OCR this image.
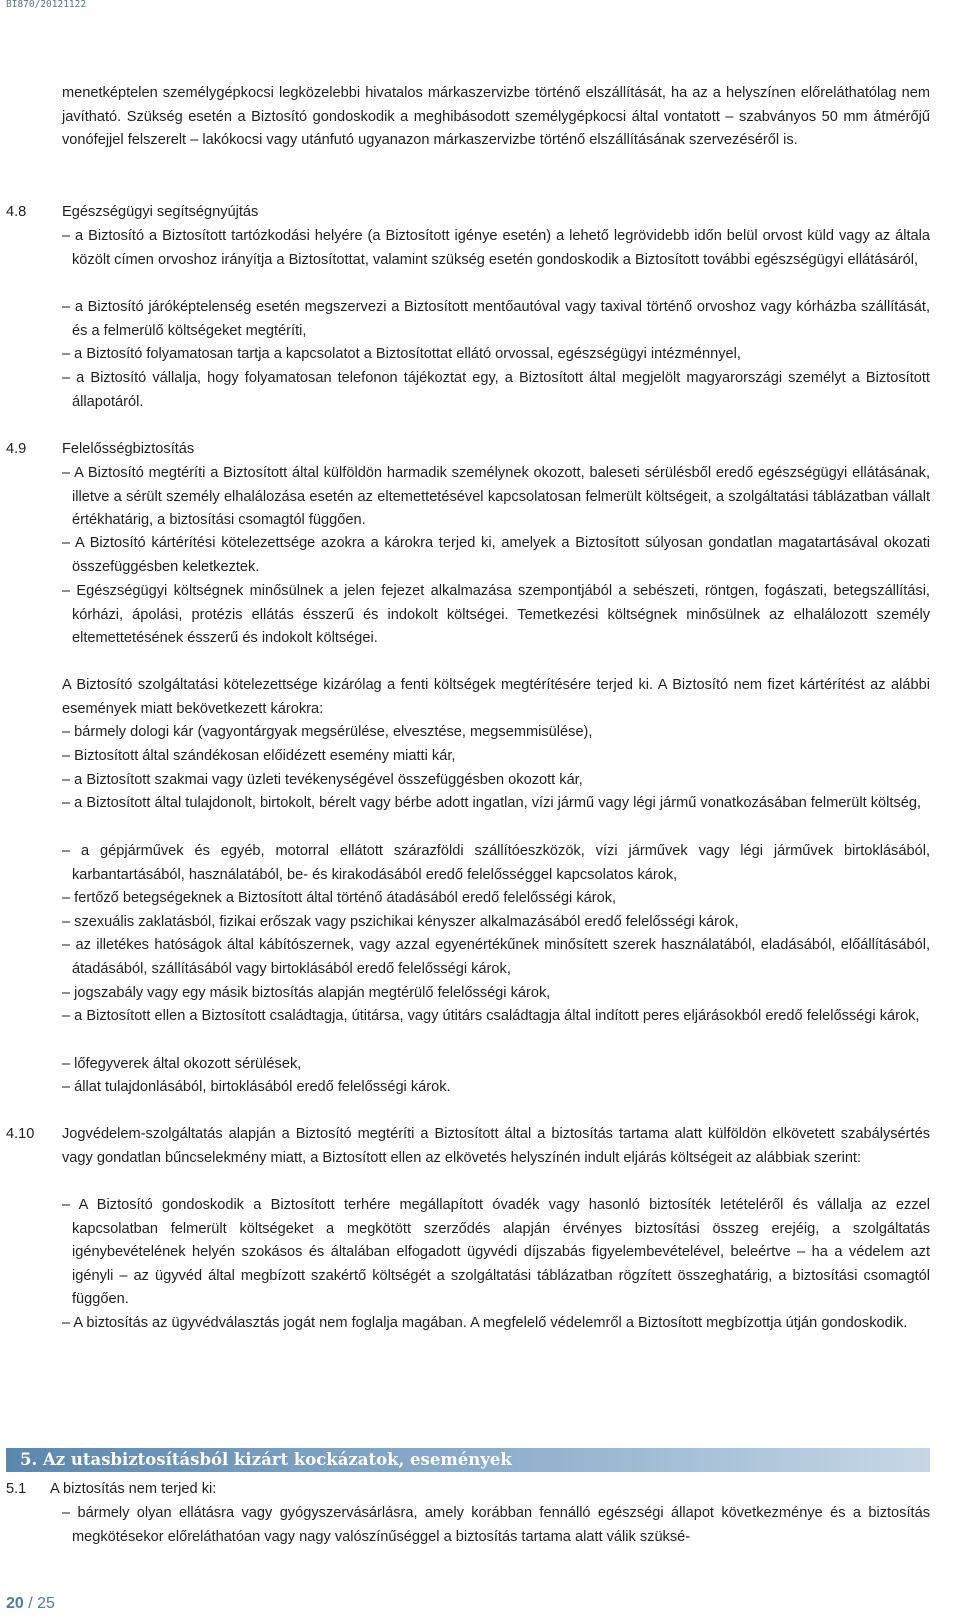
BI870/20121122
menetképtelen személygépkocsi legközelebbi hivatalos márkaszervizbe történő elszállítását, ha az a helyszínen előreláthatólag nem javítható. Szükség esetén a Biztosító gondoskodik a meghibásodott személygépkocsi által vontatott – szabványos 50 mm átmérőjű vonófejjel felszerelt – lakókocsi vagy utánfutó ugyanazon márkaszervizbe történő elszállításának szervezéséről is.
4.8	Egészségügyi segítségnyújtás
– a Biztosító a Biztosított tartózkodási helyére (a Biztosított igénye esetén) a lehető legrövidebb időn belül orvost küld vagy az általa közölt címen orvoshoz irányítja a Biztosítottat, valamint szükség esetén gondoskodik a Biztosított további egészségügyi ellátásáról,
– a Biztosító járóképtelenség esetén megszervezi a Biztosított mentőautóval vagy taxival történő orvoshoz vagy kórházba szállítását, és a felmerülő költségeket megtéríti,
– a Biztosító folyamatosan tartja a kapcsolatot a Biztosítottat ellátó orvossal, egészségügyi intézménnyel,
– a Biztosító vállalja, hogy folyamatosan telefonon tájékoztat egy, a Biztosított által megjelölt magyarországi személyt a Biztosított állapotáról.
4.9	Felelősségbiztosítás
– A Biztosító megtéríti a Biztosított által külföldön harmadik személynek okozott, baleseti sérülésből eredő egészségügyi ellátásának, illetve a sérült személy elhalálozása esetén az eltemettetésével kapcsolatosan felmerült költségeit, a szolgáltatási táblázatban vállalt értékhatárig, a biztosítási csomagtól függően.
– A Biztosító kártérítési kötelezettsége azokra a károkra terjed ki, amelyek a Biztosított súlyosan gondatlan magatartásával okozati összefüggésben keletkeztek.
– Egészségügyi költségnek minősülnek a jelen fejezet alkalmazása szempontjából a sebészeti, röntgen, fogászati, betegszállítási, kórházi, ápolási, protézis ellátás ésszerű és indokolt költségei. Temetkezési költségnek minősülnek az elhalálozott személy eltemettetésének ésszerű és indokolt költségei.
A Biztosító szolgáltatási kötelezettsége kizárólag a fenti költségek megtérítésére terjed ki. A Biztosító nem fizet kártérítést az alábbi események miatt bekövetkezett károkra:
– bármely dologi kár (vagyontárgyak megsérülése, elvesztése, megsemmisülése),
– Biztosított által szándékosan előidézett esemény miatti kár,
– a Biztosított szakmai vagy üzleti tevékenységével összefüggésben okozott kár,
– a Biztosított által tulajdonolt, birtokolt, bérelt vagy bérbe adott ingatlan, vízi jármű vagy légi jármű vonatkozásában felmerült költség,
– a gépjárművek és egyéb, motorral ellátott szárazföldi szállítóeszközök, vízi járművek vagy légi járművek birtoklásából, karbantartásából, használatából, be- és kirakodásából eredő felelősséggel kapcsolatos károk,
– fertőző betegségeknek a Biztosított által történő átadásából eredő felelősségi károk,
– szexuális zaklatásból, fizikai erőszak vagy pszichikai kényszer alkalmazásából eredő felelősségi károk,
– az illetékes hatóságok által kábítószernek, vagy azzal egyenértékűnek minősített szerek használatából, eladásából, előállításából, átadásából, szállításából vagy birtoklásából eredő felelősségi károk,
– jogszabály vagy egy másik biztosítás alapján megtérülő felelősségi károk,
– a Biztosított ellen a Biztosított családtagja, útitársa, vagy útitárs családtagja által indított peres eljárásokból eredő felelősségi károk,
– lőfegyverek által okozott sérülések,
– állat tulajdonlásából, birtoklásából eredő felelősségi károk.
4.10	Jogvédelem-szolgáltatás alapján a Biztosító megtéríti a Biztosított által a biztosítás tartama alatt külföldön elkövetett szabálysértés vagy gondatlan bűncselekmény miatt, a Biztosított ellen az elkövetés helyszínén indult eljárás költségeit az alábbiak szerint:
– A Biztosító gondoskodik a Biztosított terhére megállapított óvadék vagy hasonló biztosíték letételéről és vállalja az ezzel kapcsolatban felmerült költségeket a megkötött szerződés alapján érvényes biztosítási összeg erejéig, a szolgáltatás igénybevételének helyén szokásos és általában elfogadott ügyvédi díjszabás figyelembevételével, beleértve – ha a védelem azt igényli – az ügyvéd által megbízott szakértő költségét a szolgáltatási táblázatban rögzített összeghatárig, a biztosítási csomagtól függően.
– A biztosítás az ügyvédválasztás jogát nem foglalja magában. A megfelelő védelemről a Biztosított megbízottja útján gondoskodik.
5. Az utasbiztosításból kizárt kockázatok, események
5.1	A biztosítás nem terjed ki:
– bármely olyan ellátásra vagy gyógyszervásárlásra, amely korábban fennálló egészségi állapot következménye és a biztosítás megkötésekor előreláthatóan vagy nagy valószínűséggel a biztosítás tartama alatt válik szüksé-
20 / 25
